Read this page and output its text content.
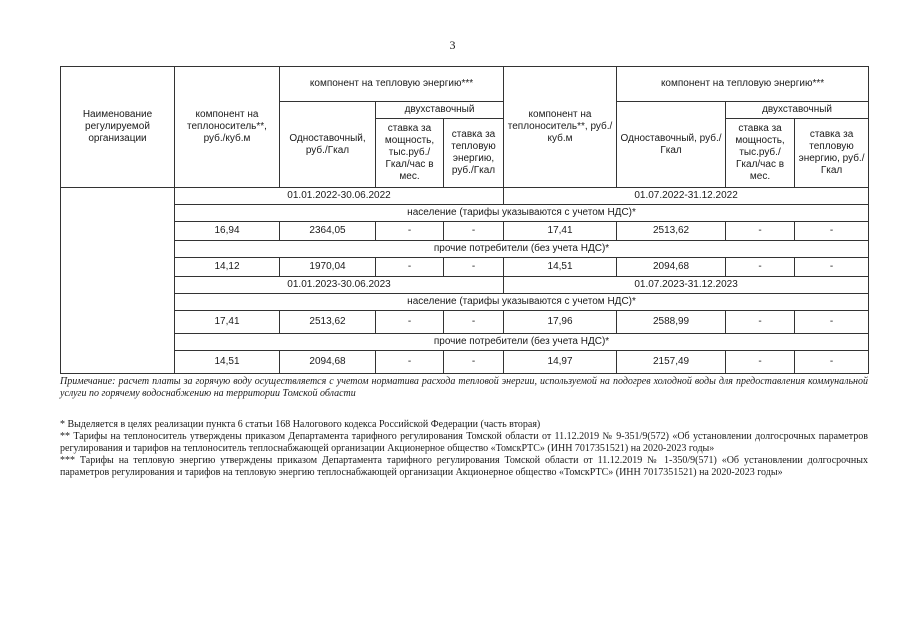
3
Наименование регулируемой организации	компонент на теплоноситель**, руб./куб.м	компонент на тепловую энергию***			компонент на теплоноситель**, руб./куб.м	компонент на тепловую энергию***		
		Одноставочный, руб./Гкал	двухставочный			Одноставочный, руб./Гкал	двухставочный	
			ставка за мощность, тыс.руб./ Гкал/час в мес.	ставка за тепловую энергию, руб./Гкал			ставка за мощность, тыс.руб./ Гкал/час в мес.	ставка за тепловую энергию, руб./Гкал
	01.01.2022-30.06.2022				01.07.2022-31.12.2022			
	население (тарифы указываются с учетом НДС)*							
	16,94	2364,05	-	-	17,41	2513,62	-	-
	прочие потребители (без учета НДС)*							
	14,12	1970,04	-	-	14,51	2094,68	-	-
	01.01.2023-30.06.2023				01.07.2023-31.12.2023			
	население (тарифы указываются с учетом НДС)*							
	17,41	2513,62	-	-	17,96	2588,99	-	-
	прочие потребители (без учета НДС)*							
	14,51	2094,68	-	-	14,97	2157,49	-	-
Примечание: расчет платы за горячую воду осуществляется с учетом норматива расхода тепловой энергии, используемой на подогрев холодной воды для предоставления коммунальной услуги по горячему водоснабжению на территории Томской области

* Выделяется в целях реализации пункта 6 статьи 168 Налогового кодекса Российской Федерации (часть вторая)

** Тарифы на теплоноситель утверждены приказом Департамента тарифного регулирования Томской области от 11.12.2019 № 9-351/9(572) «Об установлении долгосрочных параметров регулирования и тарифов на теплоноситель теплоснабжающей организации Акционерное общество «ТомскРТС» (ИНН 7017351521) на 2020-2023 годы»

*** Тарифы на тепловую энергию утверждены приказом Департамента тарифного регулирования Томской области от 11.12.2019 № 1-350/9(571) «Об установлении долгосрочных параметров регулирования и тарифов на тепловую энергию теплоснабжающей организации Акционерное общество «ТомскРТС» (ИНН 7017351521) на 2020-2023 годы»
